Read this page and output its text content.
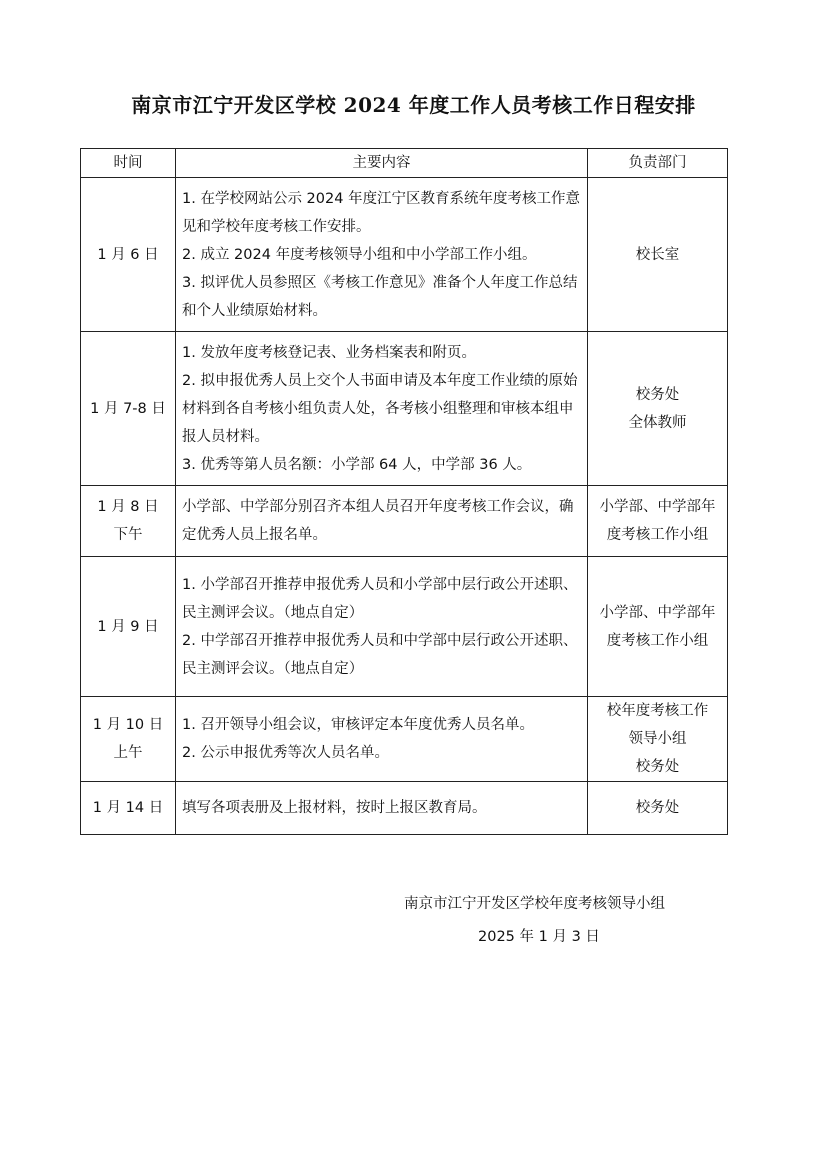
南京市江宁开发区学校 2024 年度工作人员考核工作日程安排
时间	主要内容	负责部门

1 月 6 日	1. 在学校网站公示 2024 年度江宁区教育系统年度考核工作意见和学校年度考核工作安排。
2. 成立 2024 年度考核领导小组和中小学部工作小组。
3. 拟评优人员参照区《考核工作意见》准备个人年度工作总结和个人业绩原始材料。	校长室

1 月 7-8 日	1. 发放年度考核登记表、业务档案表和附页。
2. 拟申报优秀人员上交个人书面申请及本年度工作业绩的原始材料到各自考核小组负责人处，各考核小组整理和审核本组申报人员材料。
3. 优秀等第人员名额：小学部 64 人，中学部 36 人。	校务处
全体教师

1 月 8 日
下午	小学部、中学部分别召齐本组人员召开年度考核工作会议，确定优秀人员上报名单。	小学部、中学部年度考核工作小组

1 月 9 日	1. 小学部召开推荐申报优秀人员和小学部中层行政公开述职、民主测评会议。（地点自定）
2. 中学部召开推荐申报优秀人员和中学部中层行政公开述职、民主测评会议。（地点自定）	小学部、中学部年度考核工作小组

1 月 10 日
上午	1. 召开领导小组会议，审核评定本年度优秀人员名单。
2. 公示申报优秀等次人员名单。	校年度考核工作
领导小组
校务处

1 月 14 日	填写各项表册及上报材料，按时上报区教育局。	校务处
南京市江宁开发区学校年度考核领导小组
2025 年 1 月 3 日
